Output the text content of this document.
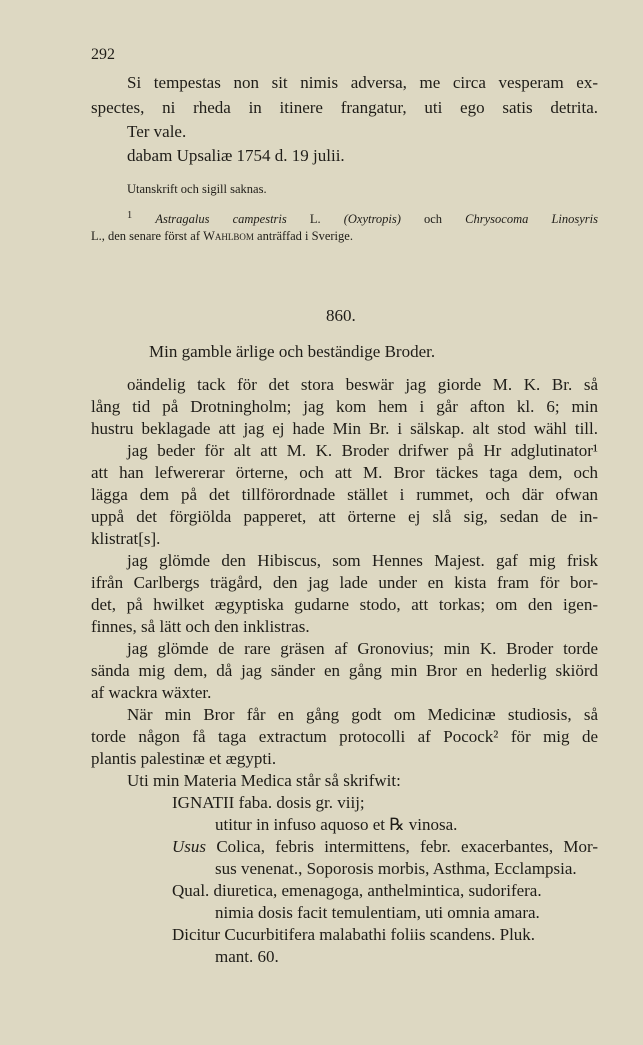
292
Si tempestas non sit nimis adversa, me circa vesperam ex-
spectes, ni rheda in itinere frangatur, uti ego satis detrita.
Ter vale.
dabam Upsaliæ 1754 d. 19 julii.
Utanskrift och sigill saknas.
$^1$ Astragalus campestris L. (Oxytropis) och Chrysocoma Linosyris
L., den senare först af Wahlbom anträffad i Sverige.
860.
Min gamble ärlige och beständige Broder.
oändelig tack för det stora beswär jag giorde M. K. Br. så
lång tid på Drotningholm; jag kom hem i går afton kl. 6; min
hustru beklagade att jag ej hade Min Br. i sälskap. alt stod wähl till.
jag beder för alt att M. K. Broder drifwer på Hr adglutinator¹
att han lefwererar örterne, och att M. Bror täckes taga dem, och
lägga dem på det tillförordnade stället i rummet, och där ofwan
uppå det förgiölda papperet, att örterne ej slå sig, sedan de in-
klistrat[s].
jag glömde den Hibiscus, som Hennes Majest. gaf mig frisk
ifrån Carlbergs trägård, den jag lade under en kista fram för bor-
det, på hwilket ægyptiska gudarne stodo, att torkas; om den igen-
finnes, så lätt och den inklistras.
jag glömde de rare gräsen af Gronovius; min K. Broder torde
sända mig dem, då jag sänder en gång min Bror en hederlig skiörd
af wackra wäxter.
När min Bror får en gång godt om Medicinæ studiosis, så
torde någon få taga extractum protocolli af Pocock² för mig de
plantis palestinæ et ægypti.
Uti min Materia Medica står så skrifwit:
IGNATII faba. dosis gr. viij;
utitur in infuso aquoso et ℞ vinosa.
Usus Colica, febris intermittens, febr. exacerbantes, Mor-
sus venenat., Soporosis morbis, Asthma, Ecclampsia.
Qual. diuretica, emenagoga, anthelmintica, sudorifera.
nimia dosis facit temulentiam, uti omnia amara.
Dicitur Cucurbitifera malabathi foliis scandens. Pluk.
mant. 60.
